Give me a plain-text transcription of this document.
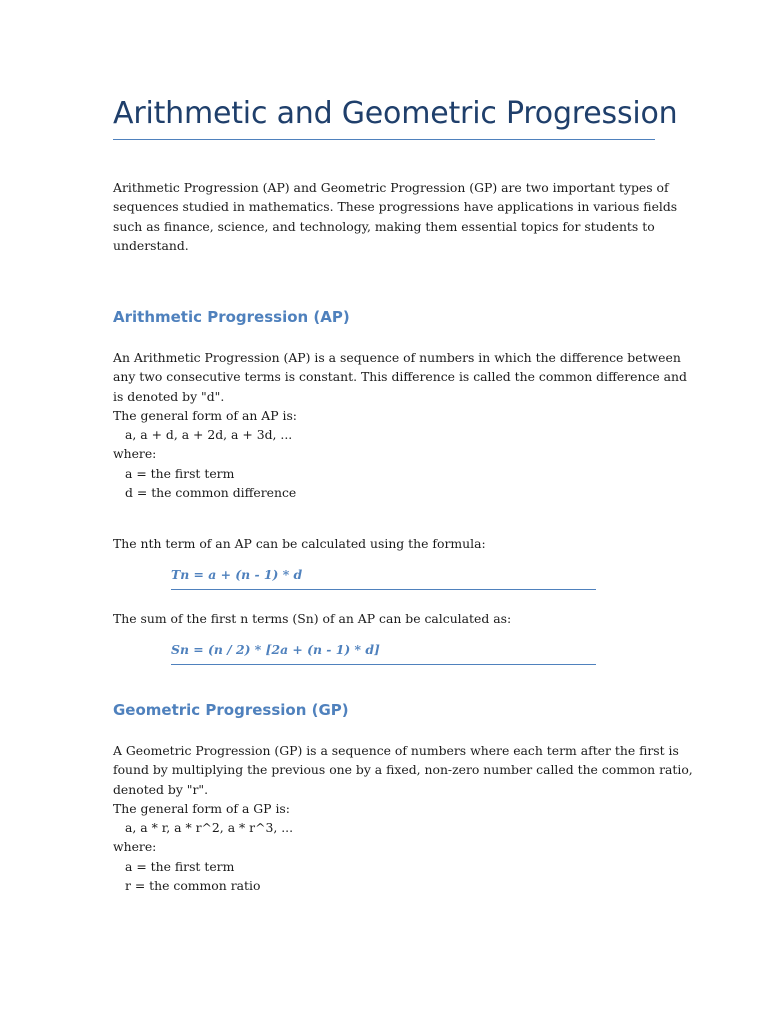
Arithmetic and Geometric Progression
Arithmetic Progression (AP) and Geometric Progression (GP) are two important types of
sequences studied in mathematics. These progressions have applications in various fields
such as finance, science, and technology, making them essential topics for students to
understand.
Arithmetic Progression (AP)
An Arithmetic Progression (AP) is a sequence of numbers in which the difference between
any two consecutive terms is constant. This difference is called the common difference and
is denoted by "d".
The general form of an AP is:
a, a + d, a + 2d, a + 3d, ...
where:
a = the first term
d = the common difference

The nth term of an AP can be calculated using the formula:

Tn = a + (n - 1) * d

The sum of the first n terms (Sn) of an AP can be calculated as:

Sn = (n / 2) * [2a + (n - 1) * d]

Geometric Progression (GP)
A Geometric Progression (GP) is a sequence of numbers where each term after the first is
found by multiplying the previous one by a fixed, non-zero number called the common ratio,
denoted by "r".
The general form of a GP is:
a, a * r, a * r^2, a * r^3, ...
where:
a = the first term
r = the common ratio
